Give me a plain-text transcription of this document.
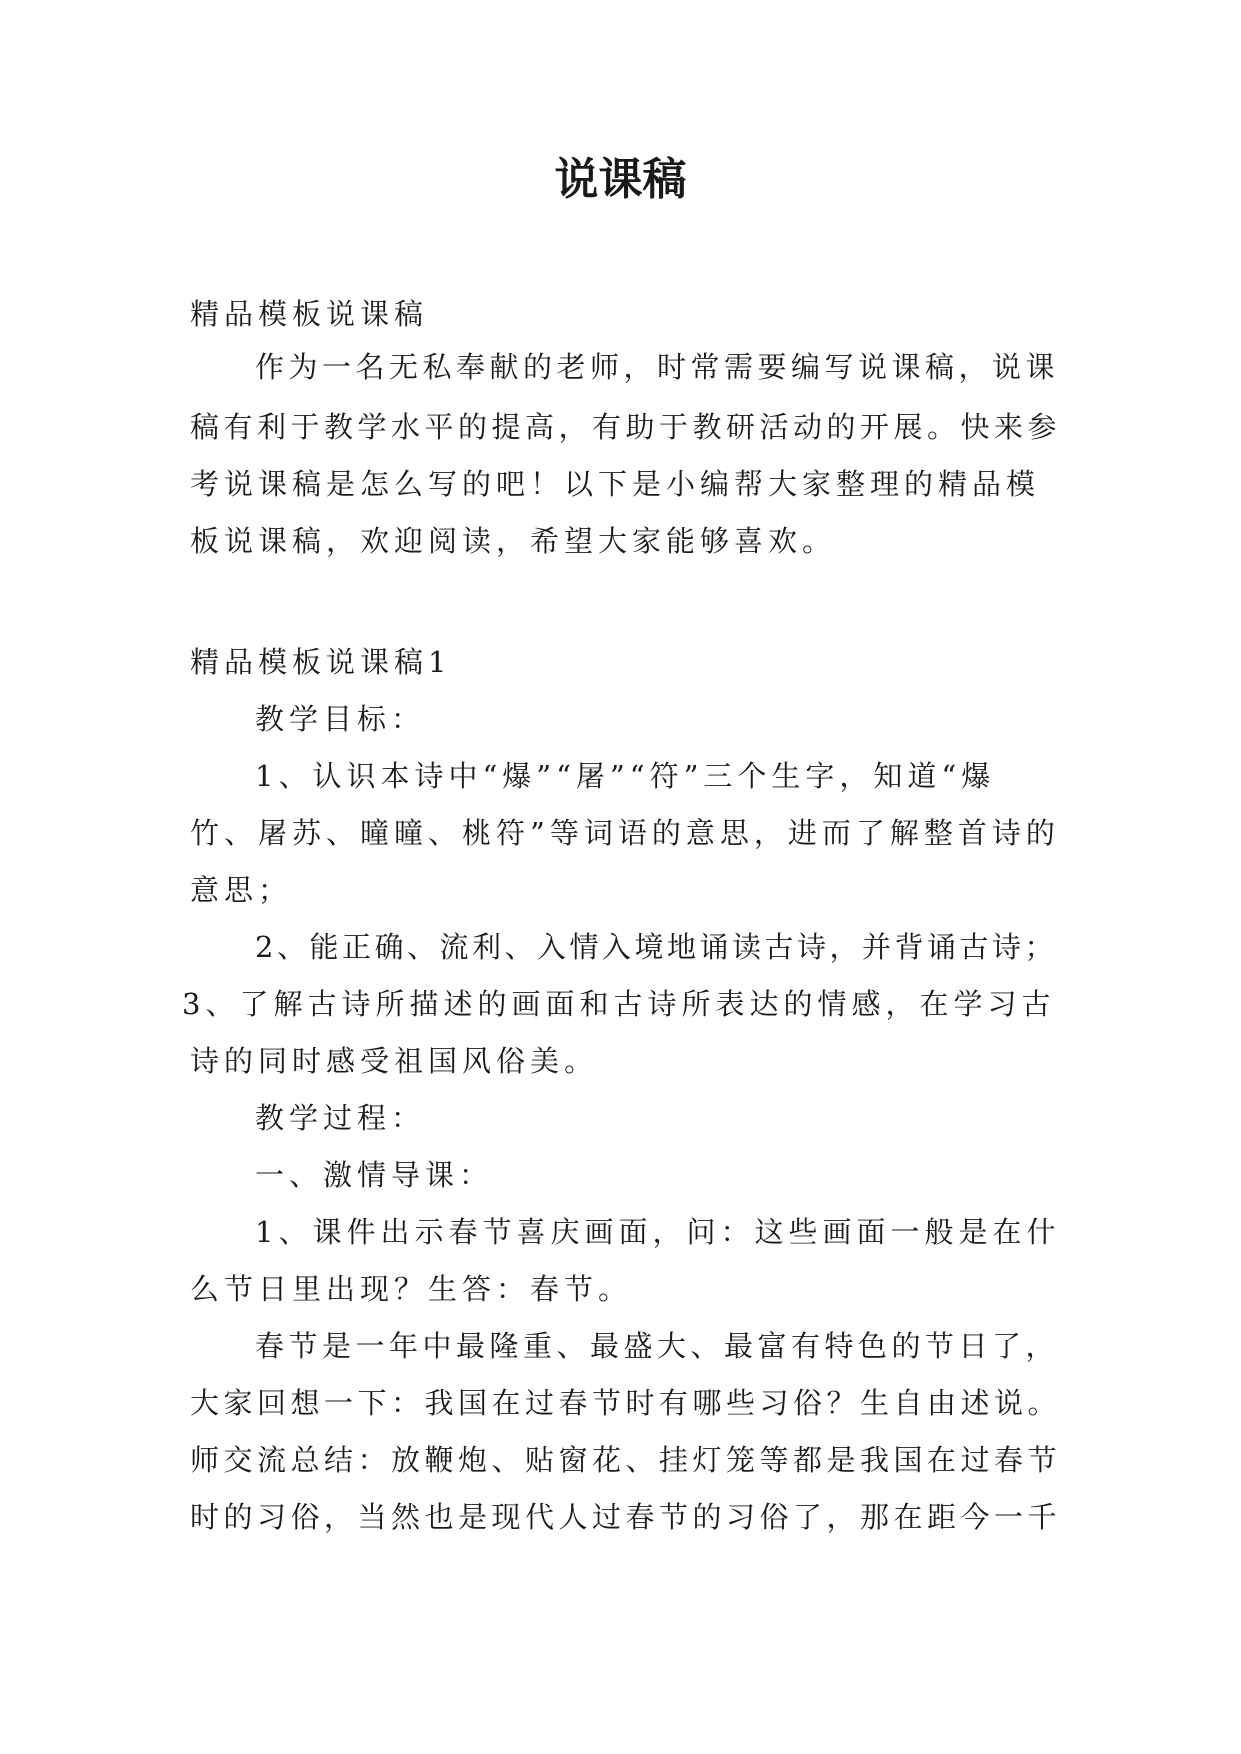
说课稿
精品模板说课稿
作为一名无私奉献的老师，时常需要编写说课稿，说课
稿有利于教学水平的提高，有助于教研活动的开展。快来参
考说课稿是怎么写的吧！以下是小编帮大家整理的精品模
板说课稿，欢迎阅读，希望大家能够喜欢。
精品模板说课稿1
教学目标：
1、认识本诗中“爆”“屠”“符”三个生字，知道“爆
竹、屠苏、曈曈、桃符”等词语的意思，进而了解整首诗的
意思；
2、能正确、流利、入情入境地诵读古诗，并背诵古诗；
3、了解古诗所描述的画面和古诗所表达的情感，在学习古
诗的同时感受祖国风俗美。
教学过程：
一、激情导课：
1、课件出示春节喜庆画面，问：这些画面一般是在什
么节日里出现？生答：春节。
春节是一年中最隆重、最盛大、最富有特色的节日了，
大家回想一下：我国在过春节时有哪些习俗？生自由述说。
师交流总结：放鞭炮、贴窗花、挂灯笼等都是我国在过春节
时的习俗，当然也是现代人过春节的习俗了，那在距今一千
